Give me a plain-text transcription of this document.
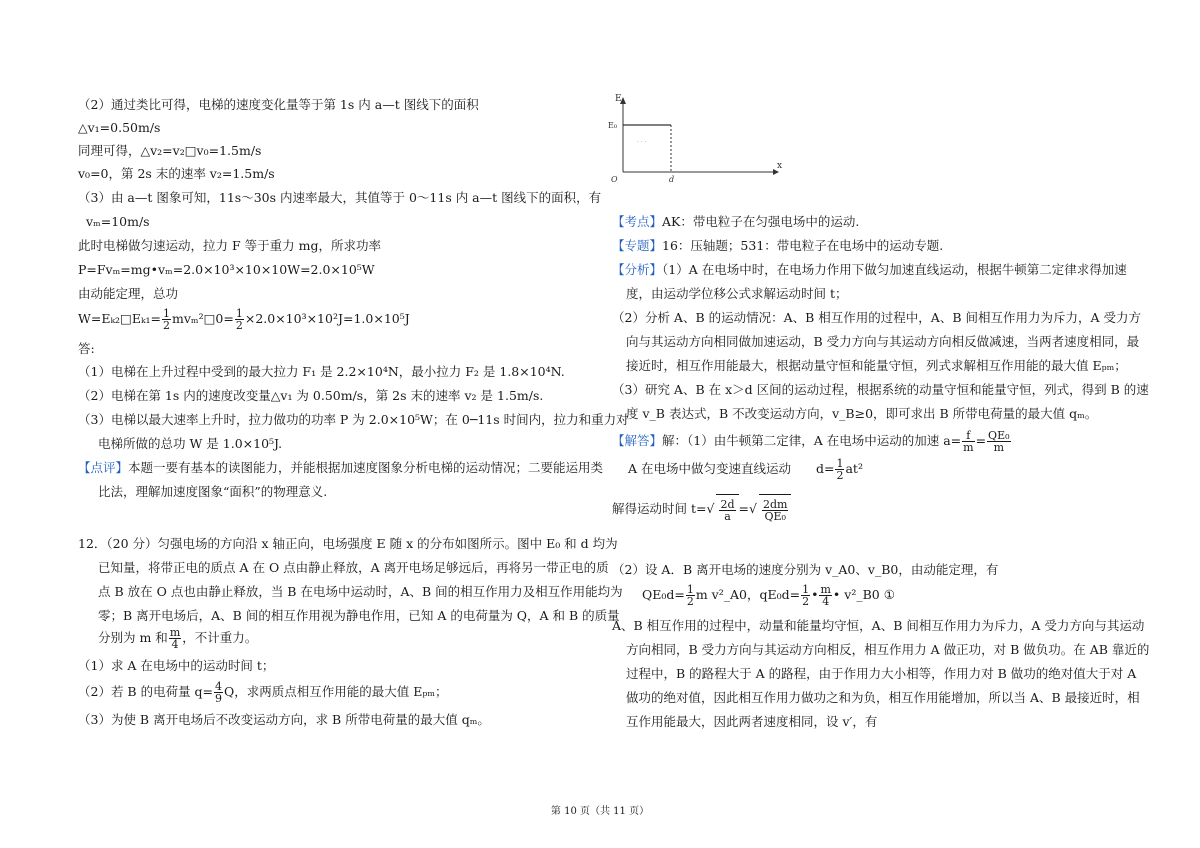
（2）通过类比可得，电梯的速度变化量等于第 1s 内 a—t 图线下的面积
△v₁=0.50m/s
同理可得，△v₂=v₂□v₀=1.5m/s
v₀=0，第 2s 末的速率 v₂=1.5m/s
（3）由 a—t 图象可知，11s～30s 内速率最大，其值等于 0～11s 内 a—t 图线下的面积，有
vₘ=10m/s
此时电梯做匀速运动，拉力 F 等于重力 mg，所求功率
P=Fvₘ=mg•vₘ=2.0×10³×10×10W=2.0×10⁵W
由动能定理，总功
W=Eₖ₂□Eₖ₁= $\frac{1}{2}$ mvₘ²□0= $\frac{1}{2} \times 2.0\times 10^3\times 10^2J=1.0\times 10^5J$
答:
（1）电梯在上升过程中受到的最大拉力 F₁ 是 2.2×10⁴N，最小拉力 F₂ 是 1.8×10⁴N.
（2）电梯在第 1s 内的速度改变量△v₁ 为 0.50m/s，第 2s 末的速率 v₂ 是 1.5m/s.
（3）电梯以最大速率上升时，拉力做功的功率 P 为 2.0×10⁵W；在 0─11s 时间内，拉力和重力对
电梯所做的总功 W 是 1.0×10⁵J.
【点评】本题一要有基本的读图能力，并能根据加速度图象分析电梯的运动情况；二要能运用类
比法，理解加速度图象“面积”的物理意义.
12．（20 分）匀强电场的方向沿 x 轴正向，电场强度 E 随 x 的分布如图所示。图中 E₀ 和 d 均为
已知量，将带正电的质点 A 在 O 点由静止释放，A 离开电场足够远后，再将另一带正电的质
点 B 放在 O 点也由静止释放，当 B 在电场中运动时，A、B 间的相互作用力及相互作用能均为
零；B 离开电场后，A、B 间的相互作用视为静电作用，已知 A 的电荷量为 Q，A 和 B 的质量
分别为 m 和 $\frac{m}{4}$ ，不计重力。
（1）求 A 在电场中的运动时间 t；
（2）若 B 的电荷量 $q= \frac{4}{9}$ Q，求两质点相互作用能的最大值 Eₚₘ；
（3）为使 B 离开电场后不改变运动方向，求 B 所带电荷量的最大值 qₘ。
E
x
E₀
O	d
· · ·
【考点】AK：带电粒子在匀强电场中的运动.
【专题】16：压轴题；531：带电粒子在电场中的运动专题.
【分析】（1）A 在电场中时，在电场力作用下做匀加速直线运动，根据牛顿第二定律求得加速
度，由运动学位移公式求解运动时间 t；
（2）分析 A、B 的运动情况：A、B 相互作用的过程中，A、B 间相互作用力为斥力，A 受力方
向与其运动方向相同做加速运动，B 受力方向与其运动方向相反做减速，当两者速度相同，最
接近时，相互作用能最大，根据动量守恒和能量守恒，列式求解相互作用能的最大值 Eₚₘ；
（3）研究 A、B 在 x＞d 区间的运动过程，根据系统的动量守恒和能量守恒，列式，得到 B 的速
度 v_B 表达式，B 不改变运动方向，v_B≥0，即可求出 B 所带电荷量的最大值 qₘ。
【解答】解：（1）由牛顿第二定律，A 在电场中运动的加速 $a= \frac{f}{m} = \frac{\text{QE₀}}{m}$
A 在电场中做匀变速直线运动　　$d= \frac{1}{2} at^2$
解得运动时间 $t=√ \frac{2d}{a}$ =√ $\frac{2dm}{\text{QE₀}}$
（2）设 A．B 离开电场的速度分别为 v_A0、v_B0，由动能定理，有
$QE_0d= \frac{1}{2}$ m v²_A0，$qE_0d= \frac{1}{2}$ • $\frac{m}{4}$ • v²_B0 ①
A、B 相互作用的过程中，动量和能量均守恒，A、B 间相互作用力为斥力，A 受力方向与其运动
方向相同，B 受力方向与其运动方向相反，相互作用力 A 做正功，对 B 做负功。在 AB 靠近的
过程中，B 的路程大于 A 的路程，由于作用力大小相等，作用力对 B 做功的绝对值大于对 A
做功的绝对值，因此相互作用力做功之和为负，相互作用能增加，所以当 A、B 最接近时，相
互作用能最大，因此两者速度相同，设 v′，有
第 10 页（共 11 页）
